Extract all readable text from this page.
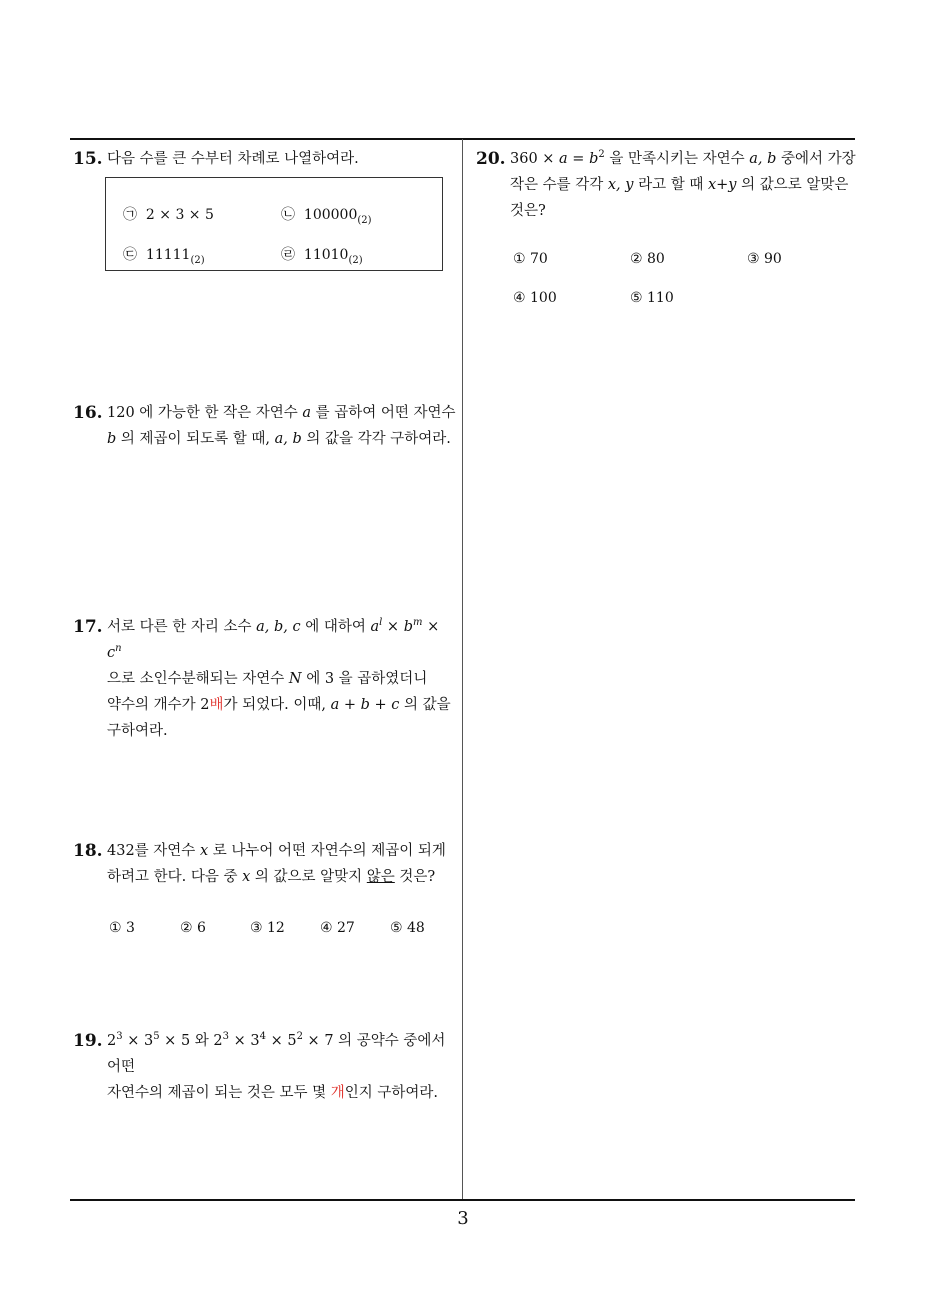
15. 다음 수를 큰 수부터 차례로 나열하여라.
㉠ 2 × 3 × 5	㉡ $100000_{(2)}$
㉢ $11111_{(2)}$	㉣ $11010_{(2)}$
16. 120 에 가능한 한 작은 자연수 a 를 곱하여 어떤 자연수
b 의 제곱이 되도록 할 때, a, b 의 값을 각각 구하여라.
17. 서로 다른 한 자리 소수 a, b, c 에 대하여 $a^l \times b^m \times c^n$
으로 소인수분해되는 자연수 N 에 3 을 곱하였더니
약수의 개수가 2배가 되었다. 이때, a + b + c 의 값을
구하여라.
18. 432를 자연수 x 로 나누어 어떤 자연수의 제곱이 되게
하려고 한다. 다음 중 x 의 값으로 알맞지 않은 것은?
① 3	② 6	③ 12	④ 27	⑤ 48
19. $2^3 \times 3^5 \times 5$ 와 $2^3 \times 3^4 \times 5^2 \times 7$ 의 공약수 중에서 어떤
자연수의 제곱이 되는 것은 모두 몇 개인지 구하여라.
20. $360 \times a = b^2$ 을 만족시키는 자연수 a, b 중에서 가장
작은 수를 각각 x, y 라고 할 때 x+y 의 값으로 알맞은
것은?
① 70	② 80	③ 90
④ 100	⑤ 110
3
